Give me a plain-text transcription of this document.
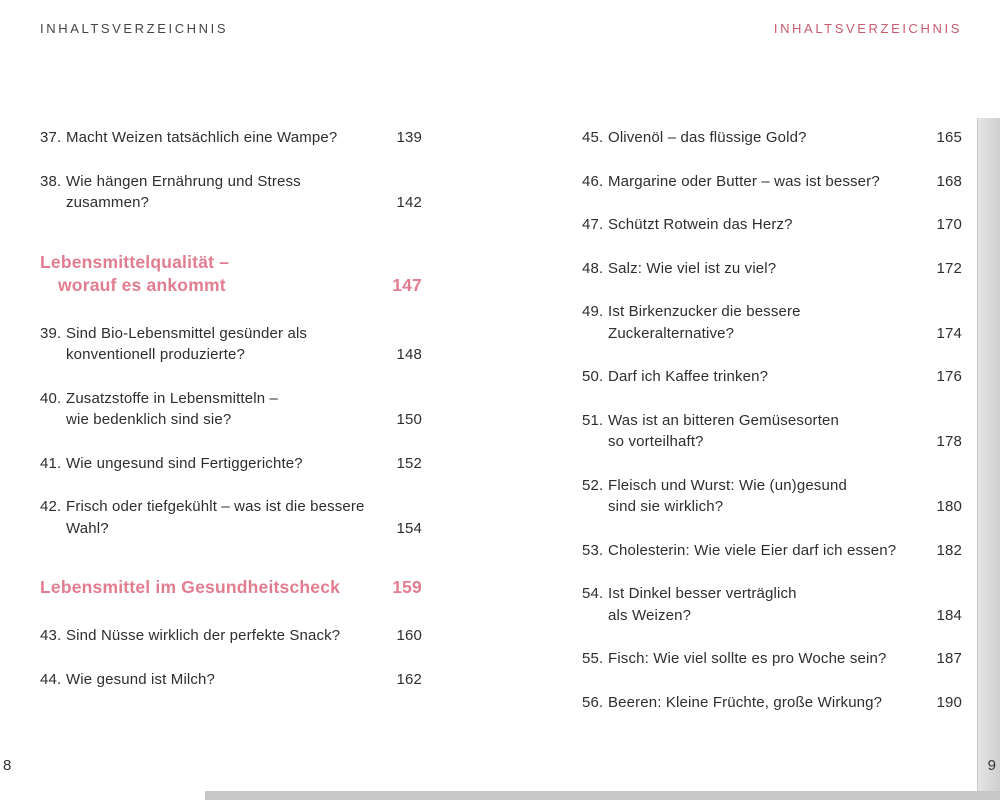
INHALTSVERZEICHNIS	INHALTSVERZEICHNIS
37. Macht Weizen tatsächlich eine Wampe?	139
38. Wie hängen Ernährung und Stress zusammen?	142
Lebensmittelqualität –
worauf es ankommt	147
39. Sind Bio-Lebensmittel gesünder als
konventionell produzierte?	148
40. Zusatzstoffe in Lebensmitteln –
wie bedenklich sind sie?	150
41. Wie ungesund sind Fertiggerichte?	152
42. Frisch oder tiefgekühlt – was ist die bessere Wahl?	154
Lebensmittel im Gesundheitscheck	159
43. Sind Nüsse wirklich der perfekte Snack?	160
44. Wie gesund ist Milch?	162
45. Olivenöl – das flüssige Gold?	165
46. Margarine oder Butter – was ist besser?	168
47. Schützt Rotwein das Herz?	170
48. Salz: Wie viel ist zu viel?	172
49. Ist Birkenzucker die bessere Zuckeralternative?	174
50. Darf ich Kaffee trinken?	176
51. Was ist an bitteren Gemüsesorten
so vorteilhaft?	178
52. Fleisch und Wurst: Wie (un)gesund
sind sie wirklich?	180
53. Cholesterin: Wie viele Eier darf ich essen?	182
54. Ist Dinkel besser verträglich
als Weizen?	184
55. Fisch: Wie viel sollte es pro Woche sein?	187
56. Beeren: Kleine Früchte, große Wirkung?	190
8	9
